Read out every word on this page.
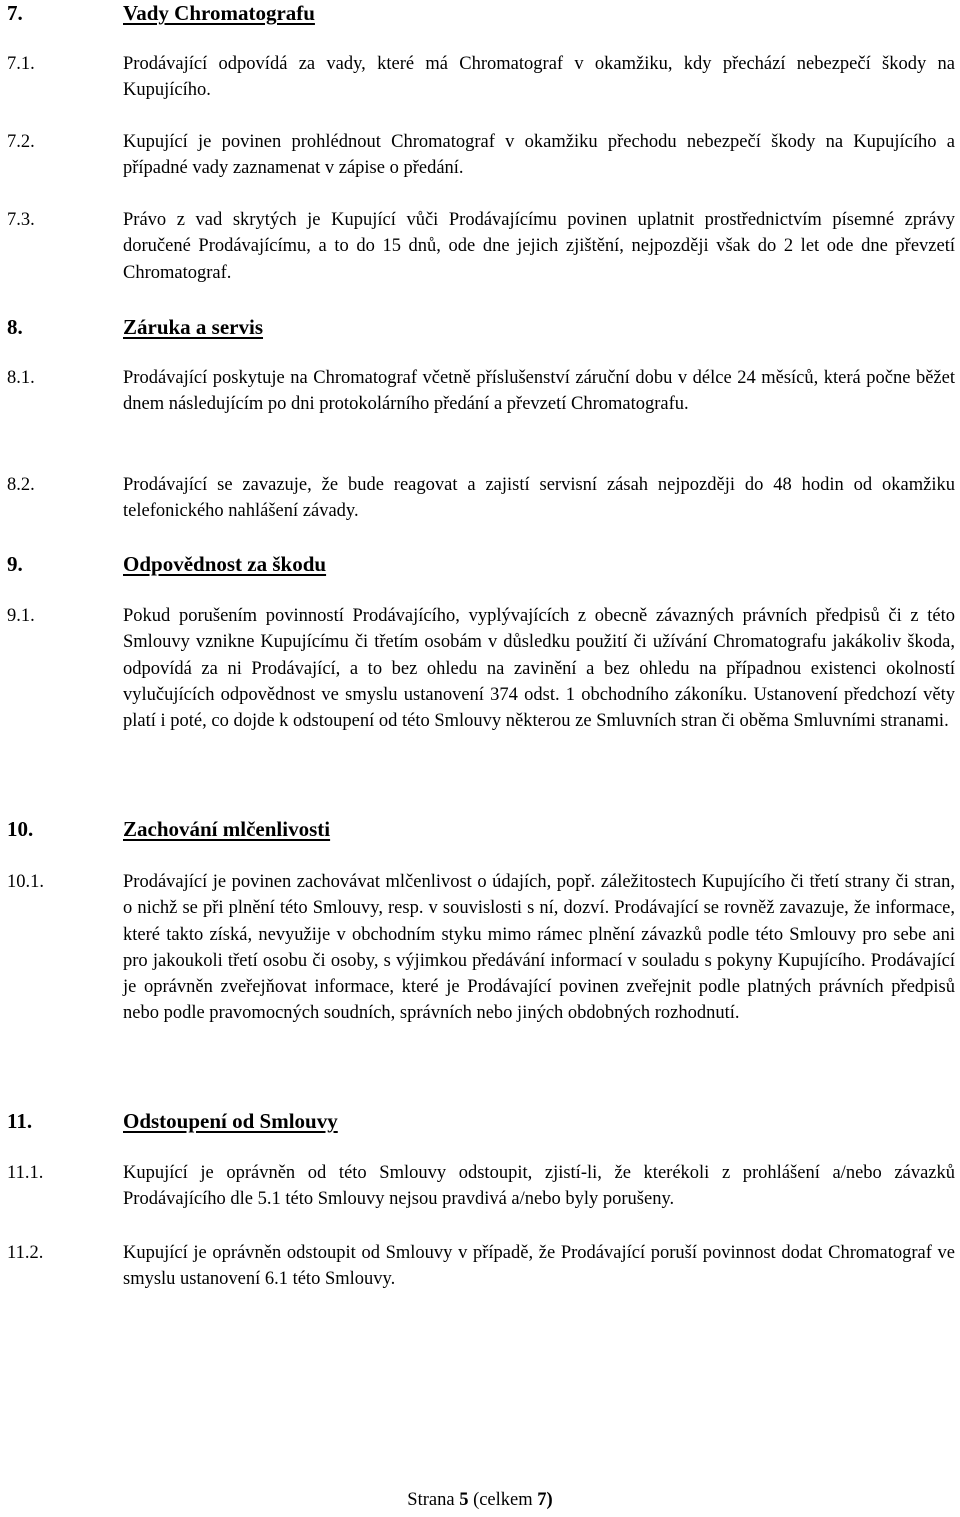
7.	Vady Chromatografu
7.1.	Prodávající odpovídá za vady, které má Chromatograf v okamžiku, kdy přechází nebezpečí škody na Kupujícího.
7.2.	Kupující je povinen prohlédnout Chromatograf v okamžiku přechodu nebezpečí škody na Kupujícího a případné vady zaznamenat v zápise o předání.
7.3.	Právo z vad skrytých je Kupující vůči Prodávajícímu povinen uplatnit prostřednictvím písemné zprávy doručené Prodávajícímu, a to do 15 dnů, ode dne jejich zjištění, nejpozději však do 2 let ode dne převzetí Chromatograf.
8.	Záruka a servis
8.1.	Prodávající poskytuje na Chromatograf včetně příslušenství záruční dobu v délce 24 měsíců, která počne běžet dnem následujícím po dni protokolárního předání a převzetí Chromatografu.
8.2.	Prodávající se zavazuje, že bude reagovat a zajistí servisní zásah nejpozději do 48 hodin od okamžiku telefonického nahlášení závady.
9.	Odpovědnost za škodu
9.1.	Pokud porušením povinností Prodávajícího, vyplývajících z obecně závazných právních předpisů či z této Smlouvy vznikne Kupujícímu či třetím osobám v důsledku použití či užívání Chromatografu jakákoliv škoda, odpovídá za ni Prodávající, a to bez ohledu na zavinění a bez ohledu na případnou existenci okolností vylučujících odpovědnost ve smyslu ustanovení 374 odst. 1 obchodního zákoníku. Ustanovení předchozí věty platí i poté, co dojde k odstoupení od této Smlouvy některou ze Smluvních stran či oběma Smluvními stranami.
10.	Zachování mlčenlivosti
10.1.	Prodávající je povinen zachovávat mlčenlivost o údajích, popř. záležitostech Kupujícího či třetí strany či stran, o nichž se při plnění této Smlouvy, resp. v souvislosti s ní, dozví. Prodávající se rovněž zavazuje, že informace, které takto získá, nevyužije v obchodním styku mimo rámec plnění závazků podle této Smlouvy pro sebe ani pro jakoukoli třetí osobu či osoby, s výjimkou předávání informací v souladu s pokyny Kupujícího. Prodávající je oprávněn zveřejňovat informace, které je Prodávající povinen zveřejnit podle platných právních předpisů nebo podle pravomocných soudních, správních nebo jiných obdobných rozhodnutí.
11.	Odstoupení od Smlouvy
11.1.	Kupující je oprávněn od této Smlouvy odstoupit, zjistí-li, že kterékoli z prohlášení a/nebo závazků Prodávajícího dle 5.1 této Smlouvy nejsou pravdivá a/nebo byly porušeny.
11.2.	Kupující je oprávněn odstoupit od Smlouvy v případě, že Prodávající poruší povinnost dodat Chromatograf ve smyslu ustanovení 6.1 této Smlouvy.
Strana 5 (celkem 7)
